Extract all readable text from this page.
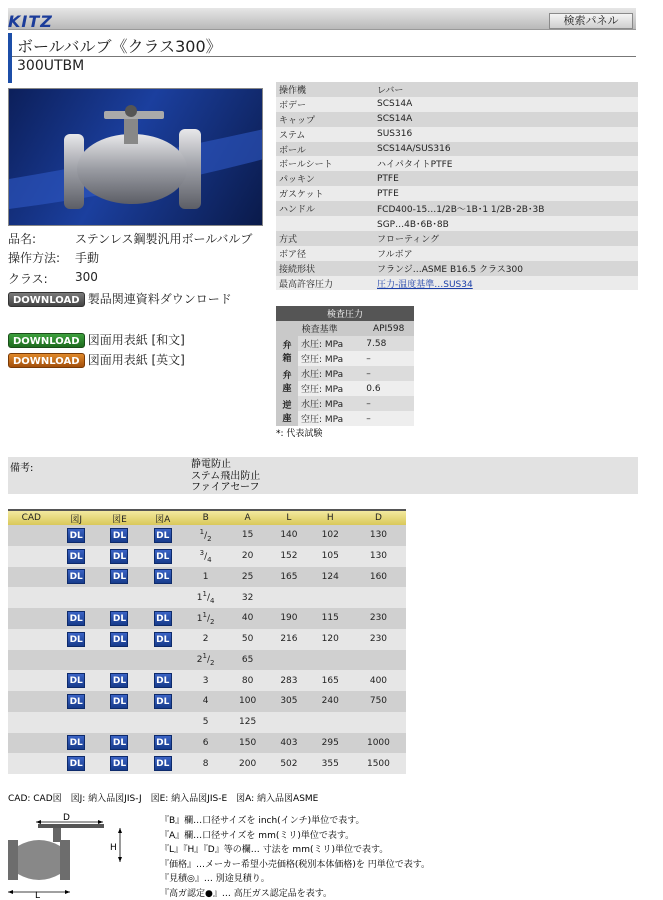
KITZ	検索パネル
ボールバルブ《クラス300》
300UTBM
品名:	ステンレス鋼製汎用ボールバルブ
操作方法: 手動
クラス: 300
DOWNLOAD 製品関連資料ダウンロード
DOWNLOAD 図面用表紙 [和文]
DOWNLOAD 図面用表紙 [英文]
操作機	レバー
ボデー	SCS14A
キャップ	SCS14A
ステム	SUS316
ボール	SCS14A/SUS316
ボールシート	ハイパタイトPTFE
パッキン	PTFE
ガスケット	PTFE
ハンドル	FCD400-15…1/2B～1B･1 1/2B･2B･3B
	SGP…4B･6B･8B
方式	フローティング
ボア径	フルボア
接続形状	フランジ…ASME B16.5 クラス300
最高許容圧力	圧力-温度基準…SUS34
検査圧力		
検査基準		API598
弁箱	水圧: MPa	7.58
	空圧: MPa	–
弁座	水圧: MPa	–
	空圧: MPa	0.6
逆座	水圧: MPa	–
	空圧: MPa	–
*: 代表試験
備考:	静電防止
ステム飛出防止
ファイアセーフ
CAD	図J	図E	図A	B	A	L	H	D
	DL	DL	DL	$^1/_2$	15	140	102	130
	DL	DL	DL	$^3/_4$	20	152	105	130
	DL	DL	DL	1	25	165	124	160
				$1^1/_4$	32			
	DL	DL	DL	$1^1/_2$	40	190	115	230
	DL	DL	DL	2	50	216	120	230
				$2^1/_2$	65			
	DL	DL	DL	3	80	283	165	400
	DL	DL	DL	4	100	305	240	750
				5	125			
	DL	DL	DL	6	150	403	295	1000
	DL	DL	DL	8	200	502	355	1500
CAD: CAD図　図J: 納入品図JIS-J　図E: 納入品図JIS-E　図A: 納入品図ASME
D
H
L
『B』欄…口径サイズを inch(インチ)単位で表す。
『A』欄…口径サイズを mm(ミリ)単位で表す。
『L』『H』『D』等の欄… 寸法を mm(ミリ)単位で表す。
『価格』…メーカー希望小売価格(税別本体価格)を 円単位で表す。
『見積◎』… 別途見積り。
『高ガ認定●』… 高圧ガス認定品を表す。
